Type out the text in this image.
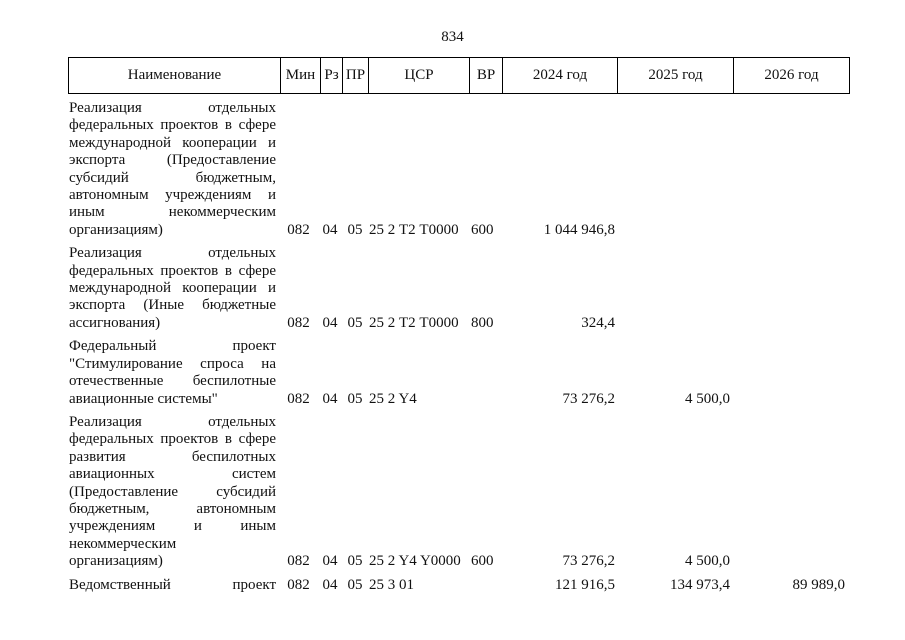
834
Наименование	Мин Рз ПР	ЦСР	ВР	2024 год	2025 год	2026 год
Реализация отдельных
федеральных проектов в сфере
международной кооперации и
экспорта (Предоставление
субсидий бюджетным,
автономным учреждениям и
иным некоммерческим
организациям)	082 04 05 25 2 Т2 Т0000 600	1 044 946,8
Реализация отдельных
федеральных проектов в сфере
международной кооперации и
экспорта (Иные бюджетные
ассигнования)	082 04 05 25 2 Т2 Т0000 800	324,4
Федеральный проект
"Стимулирование спроса на
отечественные беспилотные
авиационные системы"	082 04 05 25 2 Y4	73 276,2	4 500,0
Реализация отдельных
федеральных проектов в сфере
развития беспилотных
авиационных систем
(Предоставление субсидий
бюджетным, автономным
учреждениям и иным
некоммерческим
организациям)	082 04 05 25 2 Y4 Y0000 600	73 276,2	4 500,0
Ведомственный проект 082 04 05 25 3 01	121 916,5	134 973,4	89 989,0
